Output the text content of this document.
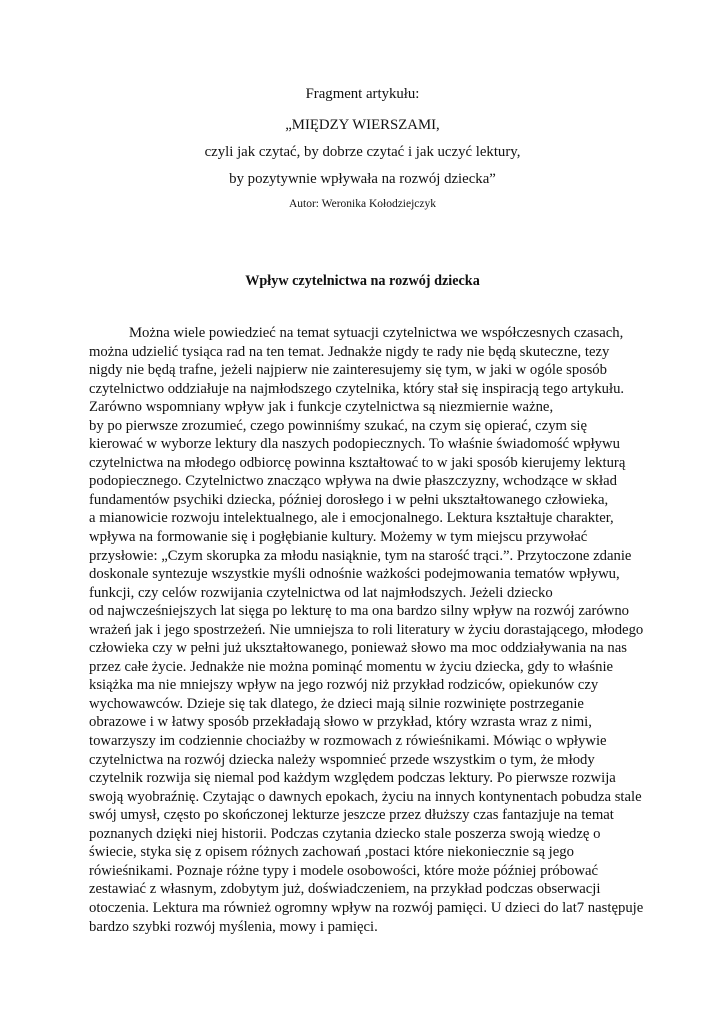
Fragment artykułu:
„MIĘDZY WIERSZAMI,
czyli jak czytać, by dobrze czytać i jak uczyć lektury,
by pozytywnie wpływała na rozwój dziecka”
Autor: Weronika Kołodziejczyk
Wpływ czytelnictwa na rozwój dziecka
Można wiele powiedzieć na temat sytuacji czytelnictwa we współczesnych czasach,
można udzielić tysiąca rad na ten temat. Jednakże nigdy te rady nie będą skuteczne, tezy
nigdy nie będą trafne, jeżeli najpierw nie zainteresujemy się tym, w jaki w ogóle sposób
czytelnictwo oddziałuje na najmłodszego czytelnika, który stał się inspiracją tego artykułu.
Zarówno wspomniany wpływ jak i funkcje czytelnictwa są niezmiernie ważne,
by po pierwsze zrozumieć, czego powinniśmy szukać, na czym się opierać, czym się
kierować w wyborze lektury dla naszych podopiecznych. To właśnie świadomość wpływu
czytelnictwa na młodego odbiorcę powinna kształtować to w jaki sposób kierujemy lekturą
podopiecznego. Czytelnictwo znacząco wpływa na dwie płaszczyzny, wchodzące w skład
fundamentów psychiki dziecka, później dorosłego i w pełni ukształtowanego człowieka,
a mianowicie rozwoju intelektualnego, ale i emocjonalnego. Lektura kształtuje charakter,
wpływa na formowanie się i pogłębianie kultury. Możemy w tym miejscu przywołać
przysłowie: „Czym skorupka za młodu nasiąknie, tym na starość trąci.”. Przytoczone zdanie
doskonale syntezuje wszystkie myśli odnośnie ważkości podejmowania tematów wpływu,
funkcji, czy celów rozwijania czytelnictwa od lat najmłodszych. Jeżeli dziecko
od najwcześniejszych lat sięga po lekturę to ma ona bardzo silny wpływ na rozwój zarówno
wrażeń jak i jego spostrzeżeń. Nie umniejsza to roli literatury w życiu dorastającego, młodego
człowieka czy w pełni już ukształtowanego, ponieważ słowo ma moc oddziaływania na nas
przez całe życie. Jednakże nie można pominąć momentu w życiu dziecka, gdy to właśnie
książka ma nie mniejszy wpływ na jego rozwój niż przykład rodziców, opiekunów czy
wychowawców. Dzieje się tak dlatego, że dzieci mają silnie rozwinięte postrzeganie
obrazowe i w łatwy sposób przekładają słowo w przykład, który wzrasta wraz z nimi,
towarzyszy im codziennie chociażby w rozmowach z rówieśnikami. Mówiąc o wpływie
czytelnictwa na rozwój dziecka należy wspomnieć przede wszystkim o tym, że młody
czytelnik rozwija się niemal pod każdym względem podczas lektury. Po pierwsze rozwija
swoją wyobraźnię. Czytając o dawnych epokach, życiu na innych kontynentach pobudza stale
swój umysł, często po skończonej lekturze jeszcze przez dłuższy czas fantazjuje na temat
poznanych dzięki niej historii. Podczas czytania dziecko stale poszerza swoją wiedzę o
świecie, styka się z opisem różnych zachowań ,postaci które niekoniecznie są jego
rówieśnikami. Poznaje różne typy i modele osobowości, które może później próbować
zestawiać z własnym, zdobytym już, doświadczeniem, na przykład podczas obserwacji
otoczenia. Lektura ma również ogromny wpływ na rozwój pamięci. U dzieci do lat7 następuje
bardzo szybki rozwój myślenia, mowy i pamięci.
